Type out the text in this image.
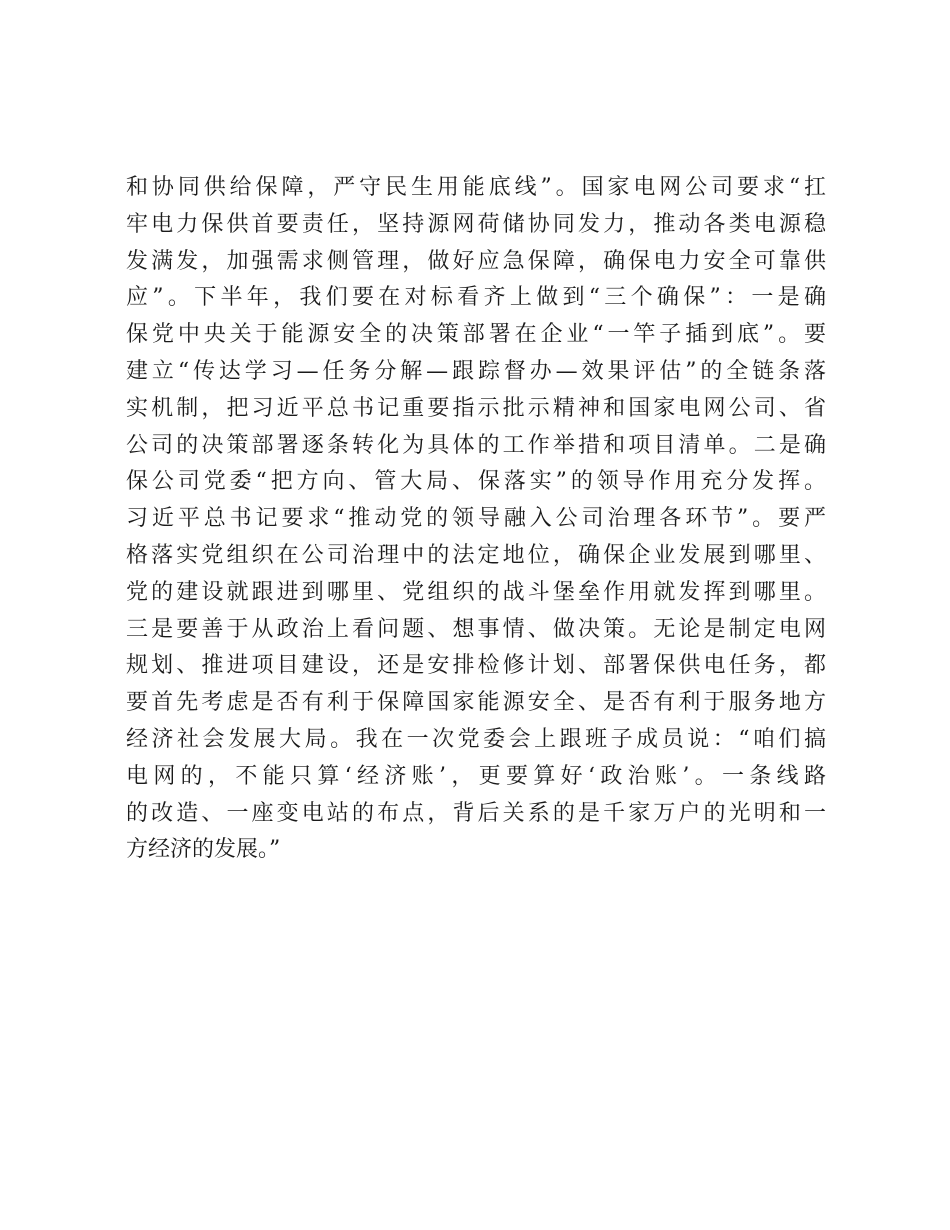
和协同供给保障，严守民生用能底线”。国家电网公司要求“扛
牢电力保供首要责任，坚持源网荷储协同发力，推动各类电源稳
发满发，加强需求侧管理，做好应急保障，确保电力安全可靠供
应”。下半年，我们要在对标看齐上做到“三个确保”：一是确
保党中央关于能源安全的决策部署在企业“一竿子插到底”。要
建立“传达学习—任务分解—跟踪督办—效果评估”的全链条落
实机制，把习近平总书记重要指示批示精神和国家电网公司、省
公司的决策部署逐条转化为具体的工作举措和项目清单。二是确
保公司党委“把方向、管大局、保落实”的领导作用充分发挥。
习近平总书记要求“推动党的领导融入公司治理各环节”。要严
格落实党组织在公司治理中的法定地位，确保企业发展到哪里、
党的建设就跟进到哪里、党组织的战斗堡垒作用就发挥到哪里。
三是要善于从政治上看问题、想事情、做决策。无论是制定电网
规划、推进项目建设，还是安排检修计划、部署保供电任务，都
要首先考虑是否有利于保障国家能源安全、是否有利于服务地方
经济社会发展大局。我在一次党委会上跟班子成员说：“咱们搞
电网的，不能只算‘经济账’，更要算好‘政治账’。一条线路
的改造、一座变电站的布点，背后关系的是千家万户的光明和一
方经济的发展。”
